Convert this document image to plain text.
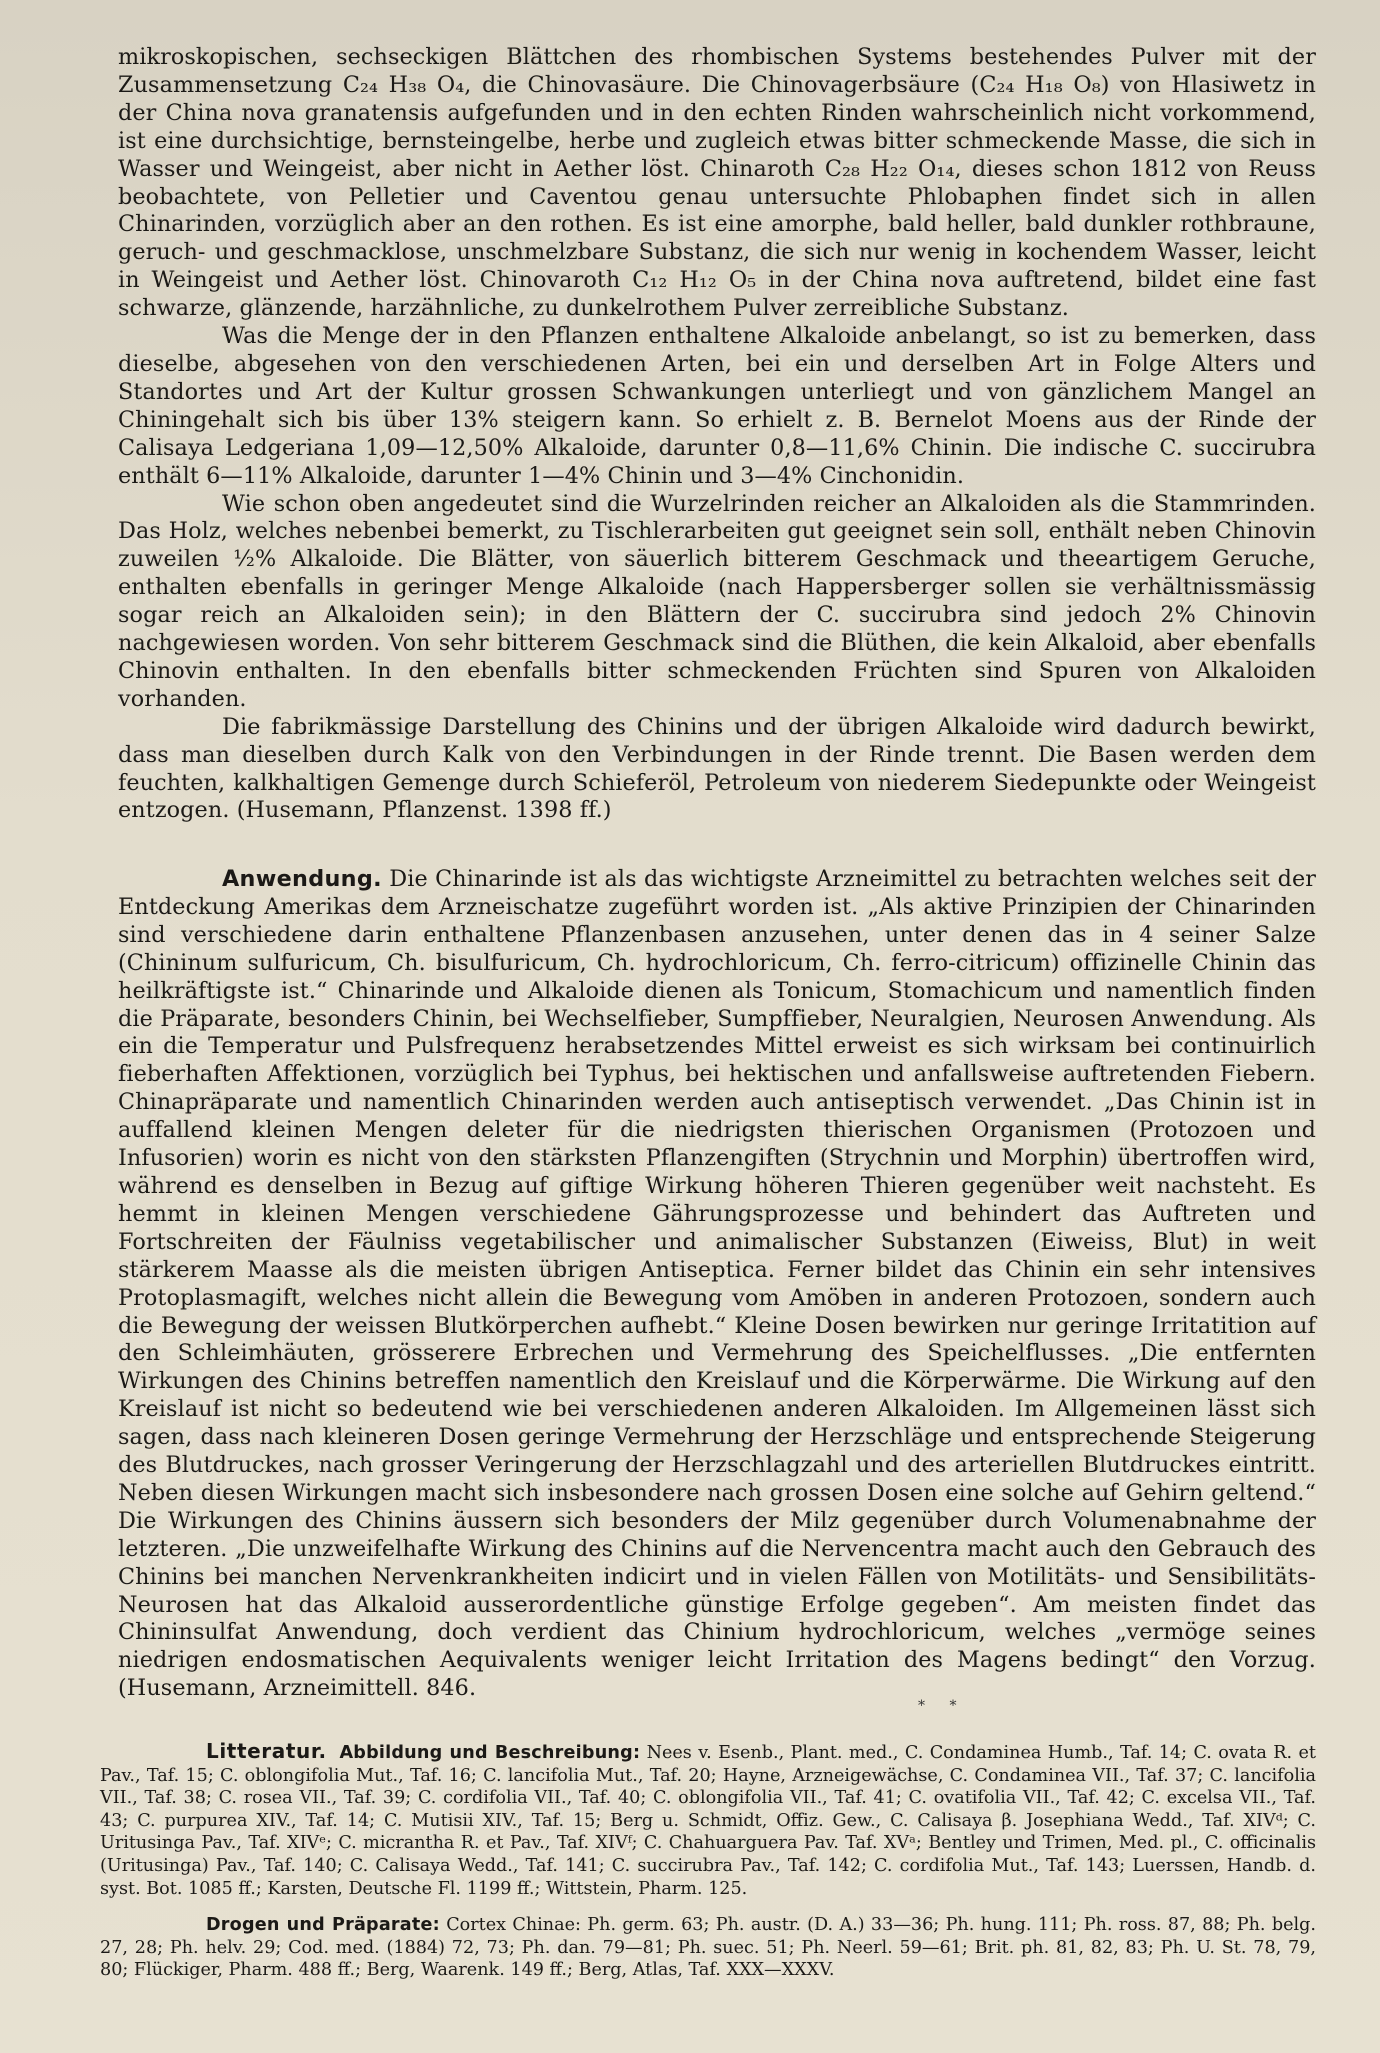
mikroskopischen, sechseckigen Blättchen des rhombischen Systems bestehendes Pulver mit der Zusammensetzung C₂₄ H₃₈ O₄, die Chinovasäure. Die Chinovagerbsäure (C₂₄ H₁₈ O₈) von Hlasiwetz in der China nova granatensis aufgefunden und in den echten Rinden wahrscheinlich nicht vorkommend, ist eine durchsichtige, bernsteingelbe, herbe und zugleich etwas bitter schmeckende Masse, die sich in Wasser und Weingeist, aber nicht in Aether löst. Chinaroth C₂₈ H₂₂ O₁₄, dieses schon 1812 von Reuss beobachtete, von Pelletier und Caventou genau untersuchte Phlobaphen findet sich in allen Chinarinden, vorzüglich aber an den rothen. Es ist eine amorphe, bald heller, bald dunkler rothbraune, geruch- und geschmacklose, unschmelzbare Substanz, die sich nur wenig in kochendem Wasser, leicht in Weingeist und Aether löst. Chinovaroth C₁₂ H₁₂ O₅ in der China nova auftretend, bildet eine fast schwarze, glänzende, harzähnliche, zu dunkelrothem Pulver zerreibliche Substanz.

Was die Menge der in den Pflanzen enthaltene Alkaloide anbelangt, so ist zu bemerken, dass dieselbe, abgesehen von den verschiedenen Arten, bei ein und derselben Art in Folge Alters und Standortes und Art der Kultur grossen Schwankungen unterliegt und von gänzlichem Mangel an Chiningehalt sich bis über 13% steigern kann. So erhielt z. B. Bernelot Moens aus der Rinde der Calisaya Ledgeriana 1,09—12,50% Alkaloide, darunter 0,8—11,6% Chinin. Die indische C. succirubra enthält 6—11% Alkaloide, darunter 1—4% Chinin und 3—4% Cinchonidin.

Wie schon oben angedeutet sind die Wurzelrinden reicher an Alkaloiden als die Stammrinden. Das Holz, welches nebenbei bemerkt, zu Tischlerarbeiten gut geeignet sein soll, enthält neben Chinovin zuweilen ½% Alkaloide. Die Blätter, von säuerlich bitterem Geschmack und theeartigem Geruche, enthalten ebenfalls in geringer Menge Alkaloide (nach Happersberger sollen sie verhältnissmässig sogar reich an Alkaloiden sein); in den Blättern der C. succirubra sind jedoch 2% Chinovin nachgewiesen worden. Von sehr bitterem Geschmack sind die Blüthen, die kein Alkaloid, aber ebenfalls Chinovin enthalten. In den ebenfalls bitter schmeckenden Früchten sind Spuren von Alkaloiden vorhanden.

Die fabrikmässige Darstellung des Chinins und der übrigen Alkaloide wird dadurch bewirkt, dass man dieselben durch Kalk von den Verbindungen in der Rinde trennt. Die Basen werden dem feuchten, kalkhaltigen Gemenge durch Schieferöl, Petroleum von niederem Siedepunkte oder Weingeist entzogen. (Husemann, Pflanzenst. 1398 ff.)

Anwendung. Die Chinarinde ist als das wichtigste Arzneimittel zu betrachten welches seit der Entdeckung Amerikas dem Arzneischatze zugeführt worden ist. „Als aktive Prinzipien der Chinarinden sind verschiedene darin enthaltene Pflanzenbasen anzusehen, unter denen das in 4 seiner Salze (Chininum sulfuricum, Ch. bisulfuricum, Ch. hydrochloricum, Ch. ferro-citricum) offizinelle Chinin das heilkräftigste ist.“ Chinarinde und Alkaloide dienen als Tonicum, Stomachicum und namentlich finden die Präparate, besonders Chinin, bei Wechselfieber, Sumpffieber, Neuralgien, Neurosen Anwendung. Als ein die Temperatur und Pulsfrequenz herabsetzendes Mittel erweist es sich wirksam bei continuirlich fieberhaften Affektionen, vorzüglich bei Typhus, bei hektischen und anfallsweise auftretenden Fiebern. Chinapräparate und namentlich Chinarinden werden auch antiseptisch verwendet. „Das Chinin ist in auffallend kleinen Mengen deleter für die niedrigsten thierischen Organismen (Protozoen und Infusorien) worin es nicht von den stärksten Pflanzengiften (Strychnin und Morphin) übertroffen wird, während es denselben in Bezug auf giftige Wirkung höheren Thieren gegenüber weit nachsteht. Es hemmt in kleinen Mengen verschiedene Gährungsprozesse und behindert das Auftreten und Fortschreiten der Fäulniss vegetabilischer und animalischer Substanzen (Eiweiss, Blut) in weit stärkerem Maasse als die meisten übrigen Antiseptica. Ferner bildet das Chinin ein sehr intensives Protoplasmagift, welches nicht allein die Bewegung vom Amöben in anderen Protozoen, sondern auch die Bewegung der weissen Blutkörperchen aufhebt.“ Kleine Dosen bewirken nur geringe Irritatition auf den Schleimhäuten, grösserere Erbrechen und Vermehrung des Speichelflusses. „Die entfernten Wirkungen des Chinins betreffen namentlich den Kreislauf und die Körperwärme. Die Wirkung auf den Kreislauf ist nicht so bedeutend wie bei verschiedenen anderen Alkaloiden. Im Allgemeinen lässt sich sagen, dass nach kleineren Dosen geringe Vermehrung der Herzschläge und entsprechende Steigerung des Blutdruckes, nach grosser Veringerung der Herzschlagzahl und des arteriellen Blutdruckes eintritt. Neben diesen Wirkungen macht sich insbesondere nach grossen Dosen eine solche auf Gehirn geltend.“ Die Wirkungen des Chinins äussern sich besonders der Milz gegenüber durch Volumenabnahme der letzteren. „Die unzweifelhafte Wirkung des Chinins auf die Nervencentra macht auch den Gebrauch des Chinins bei manchen Nervenkrankheiten indicirt und in vielen Fällen von Motilitäts- und Sensibilitäts-Neurosen hat das Alkaloid ausserordentliche günstige Erfolge gegeben“. Am meisten findet das Chininsulfat Anwendung, doch verdient das Chinium hydrochloricum, welches „vermöge seines niedrigen endosmatischen Aequivalents weniger leicht Irritation des Magens bedingt“ den Vorzug. (Husemann, Arzneimittell. 846.

* *

Litteratur. Abbildung und Beschreibung: Nees v. Esenb., Plant. med., C. Condaminea Humb., Taf. 14; C. ovata R. et Pav., Taf. 15; C. oblongifolia Mut., Taf. 16; C. lancifolia Mut., Taf. 20; Hayne, Arzneigewächse, C. Condaminea VII., Taf. 37; C. lancifolia VII., Taf. 38; C. rosea VII., Taf. 39; C. cordifolia VII., Taf. 40; C. oblongifolia VII., Taf. 41; C. ovatifolia VII., Taf. 42; C. excelsa VII., Taf. 43; C. purpurea XIV., Taf. 14; C. Mutisii XIV., Taf. 15; Berg u. Schmidt, Offiz. Gew., C. Calisaya β. Josephiana Wedd., Taf. XIVᵈ; C. Uritusinga Pav., Taf. XIVᵉ; C. micrantha R. et Pav., Taf. XIVᶠ; C. Chahuarguera Pav. Taf. XVᵃ; Bentley und Trimen, Med. pl., C. officinalis (Uritusinga) Pav., Taf. 140; C. Calisaya Wedd., Taf. 141; C. succirubra Pav., Taf. 142; C. cordifolia Mut., Taf. 143; Luerssen, Handb. d. syst. Bot. 1085 ff.; Karsten, Deutsche Fl. 1199 ff.; Wittstein, Pharm. 125.

Drogen und Präparate: Cortex Chinae: Ph. germ. 63; Ph. austr. (D. A.) 33—36; Ph. hung. 111; Ph. ross. 87, 88; Ph. belg. 27, 28; Ph. helv. 29; Cod. med. (1884) 72, 73; Ph. dan. 79—81; Ph. suec. 51; Ph. Neerl. 59—61; Brit. ph. 81, 82, 83; Ph. U. St. 78, 79, 80; Flückiger, Pharm. 488 ff.; Berg, Waarenk. 149 ff.; Berg, Atlas, Taf. XXX—XXXV.
